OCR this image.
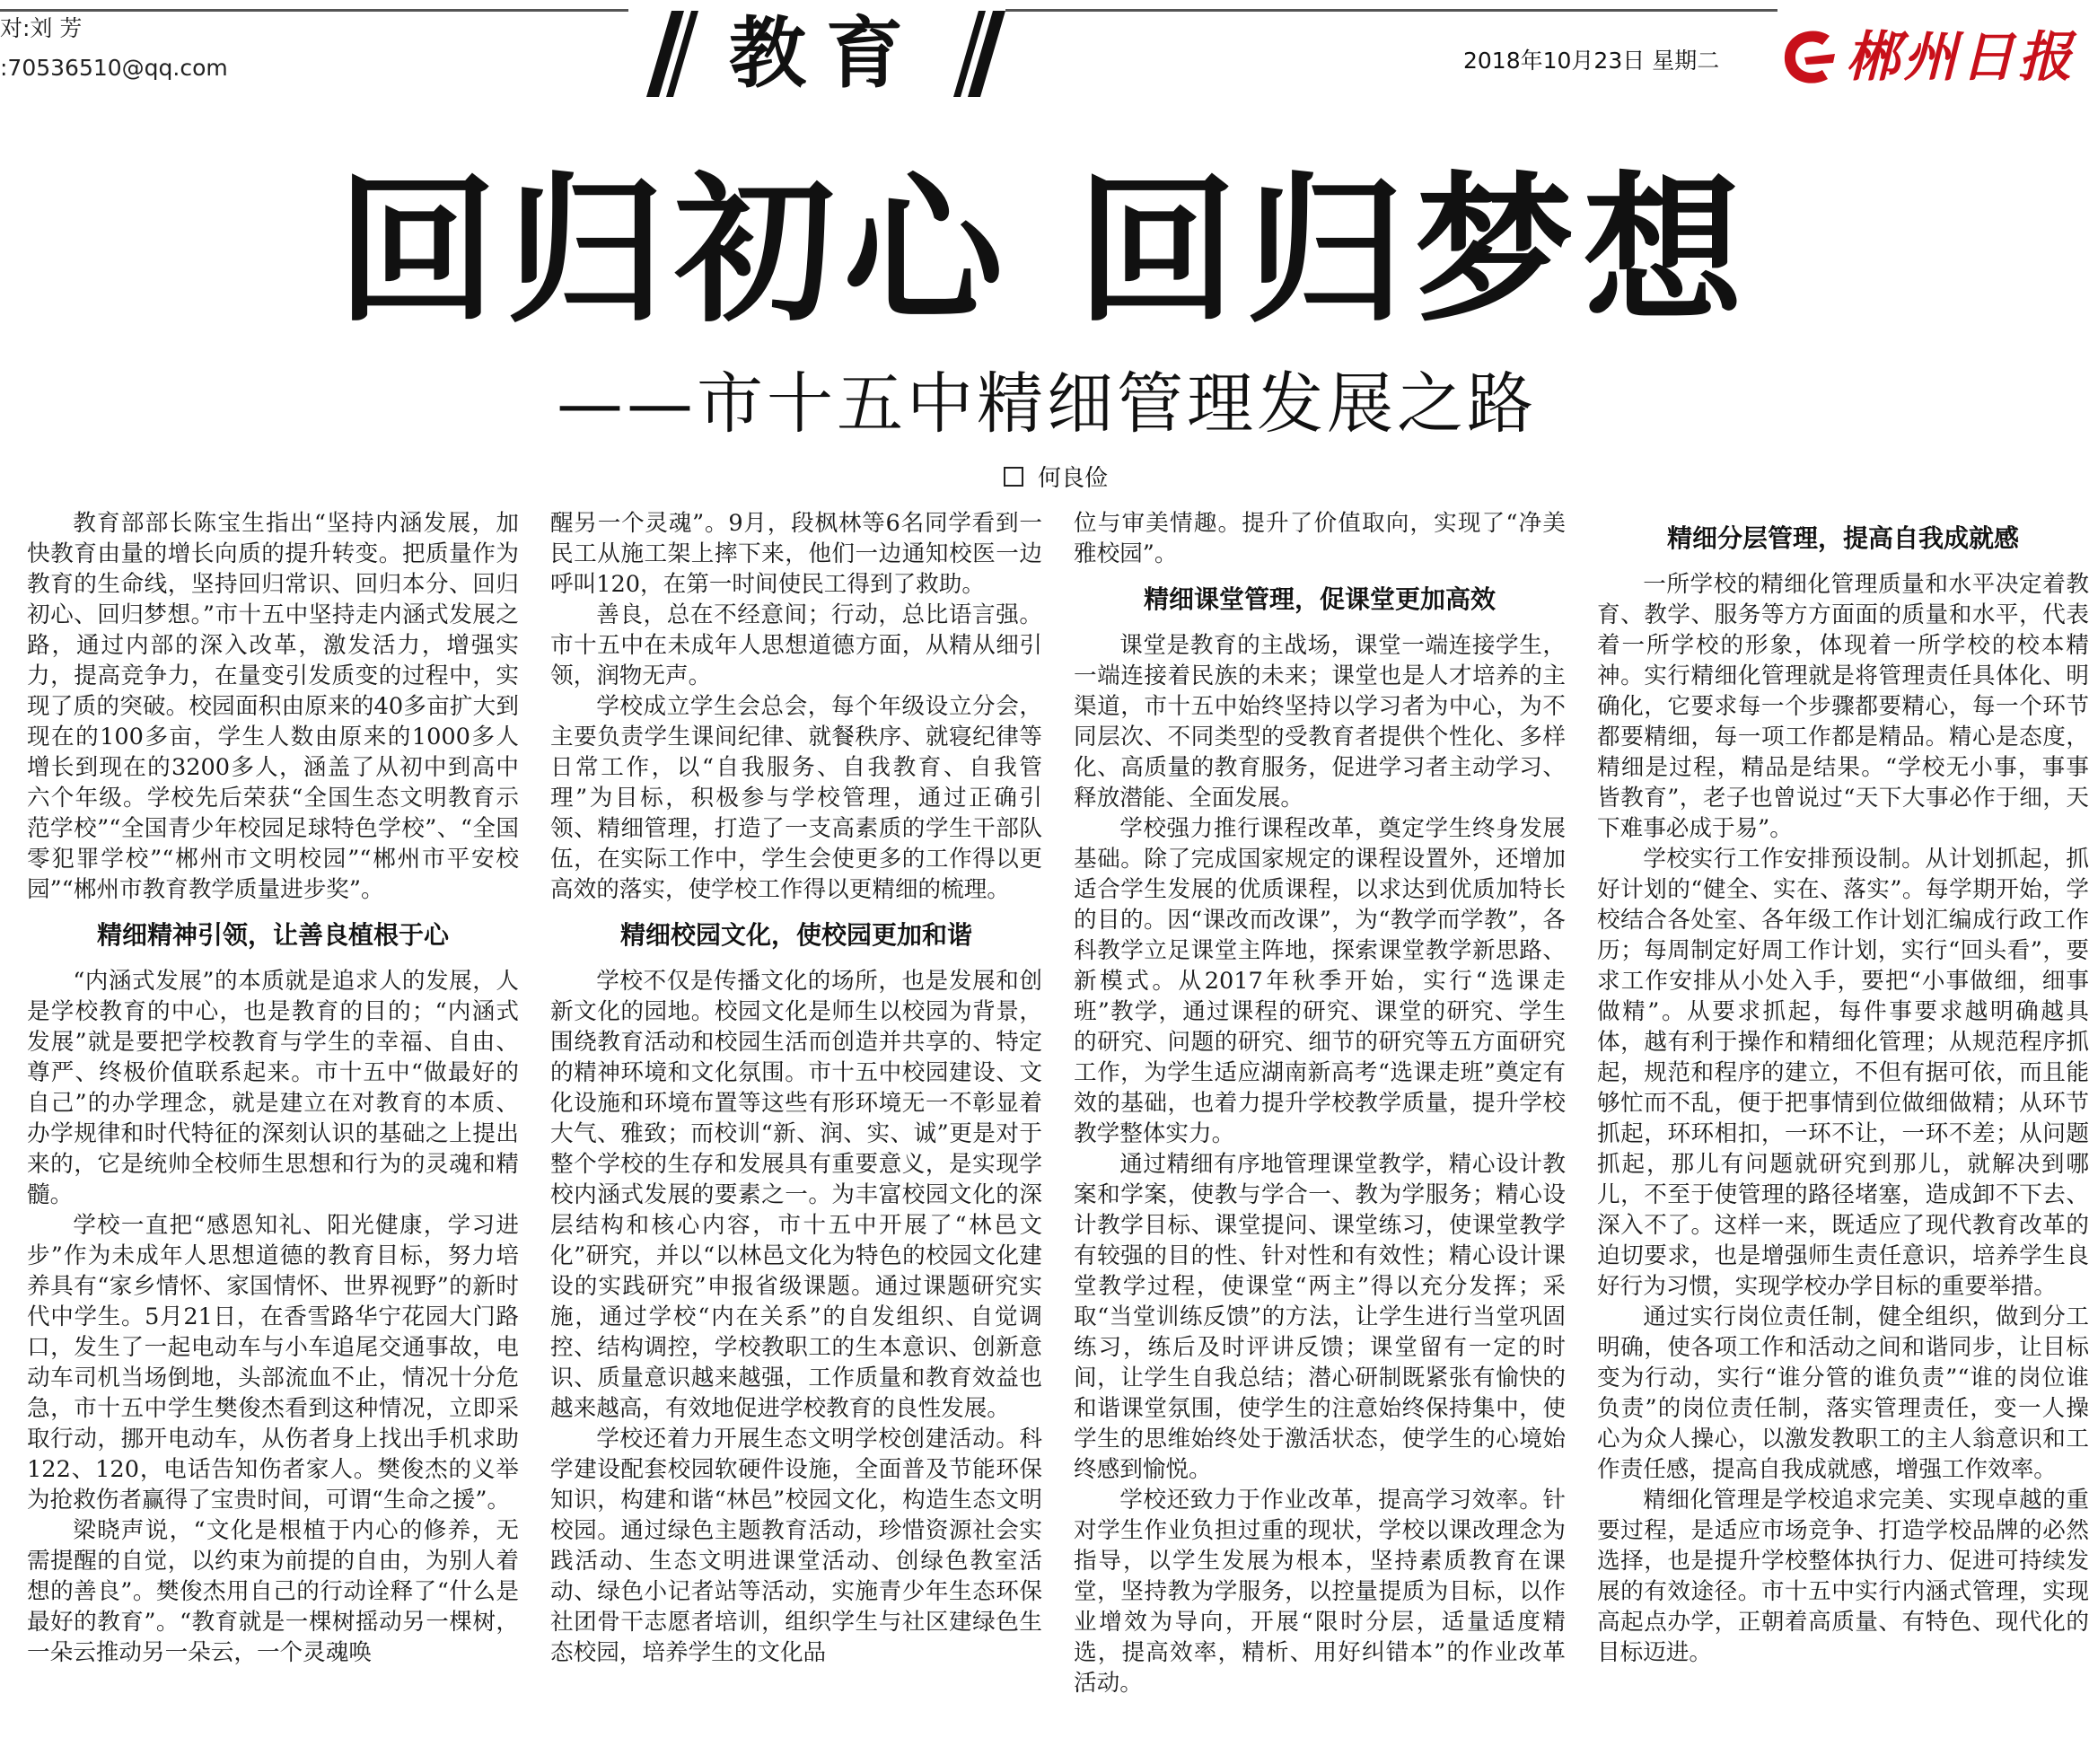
对:刘 芳
:70536510@qq.com	教育	2018年10月23日 星期二 郴州日报
回归初心 回归梦想
——市十五中精细管理发展之路
何良俭

教育部部长陈宝生指出“坚持内涵发展，加快教育由量的增长向质的提升转变。把质量作为教育的生命线，坚持回归常识、回归本分、回归初心、回归梦想。”市十五中坚持走内涵式发展之路，通过内部的深入改革，激发活力，增强实力，提高竞争力，在量变引发质变的过程中，实现了质的突破。校园面积由原来的40多亩扩大到现在的100多亩，学生人数由原来的1000多人增长到现在的3200多人，涵盖了从初中到高中六个年级。学校先后荣获“全国生态文明教育示范学校”“全国青少年校园足球特色学校”、“全国零犯罪学校”“郴州市文明校园”“郴州市平安校园”“郴州市教育教学质量进步奖”。

精细精神引领，让善良植根于心

“内涵式发展”的本质就是追求人的发展，人是学校教育的中心，也是教育的目的；“内涵式发展”就是要把学校教育与学生的幸福、自由、尊严、终极价值联系起来。市十五中“做最好的自己”的办学理念，就是建立在对教育的本质、办学规律和时代特征的深刻认识的基础之上提出来的，它是统帅全校师生思想和行为的灵魂和精髓。

学校一直把“感恩知礼、阳光健康，学习进步”作为未成年人思想道德的教育目标，努力培养具有“家乡情怀、家国情怀、世界视野”的新时代中学生。5月21日，在香雪路华宁花园大门路口，发生了一起电动车与小车追尾交通事故，电动车司机当场倒地，头部流血不止，情况十分危急，市十五中学生樊俊杰看到这种情况，立即采取行动，挪开电动车，从伤者身上找出手机求助122、120，电话告知伤者家人。樊俊杰的义举为抢救伤者赢得了宝贵时间，可谓“生命之援”。

梁晓声说，“文化是根植于内心的修养，无需提醒的自觉，以约束为前提的自由，为别人着想的善良”。樊俊杰用自己的行动诠释了“什么是最好的教育”。“教育就是一棵树摇动另一棵树，一朵云推动另一朵云，一个灵魂唤

醒另一个灵魂”。9月，段枫林等6名同学看到一民工从施工架上摔下来，他们一边通知校医一边呼叫120，在第一时间使民工得到了救助。

善良，总在不经意间；行动，总比语言强。市十五中在未成年人思想道德方面，从精从细引领，润物无声。

学校成立学生会总会，每个年级设立分会，主要负责学生课间纪律、就餐秩序、就寝纪律等日常工作，以“自我服务、自我教育、自我管理”为目标，积极参与学校管理，通过正确引领、精细管理，打造了一支高素质的学生干部队伍，在实际工作中，学生会使更多的工作得以更高效的落实，使学校工作得以更精细的梳理。

精细校园文化，使校园更加和谐

学校不仅是传播文化的场所，也是发展和创新文化的园地。校园文化是师生以校园为背景，围绕教育活动和校园生活而创造并共享的、特定的精神环境和文化氛围。市十五中校园建设、文化设施和环境布置等这些有形环境无一不彰显着大气、雅致；而校训“新、润、实、诚”更是对于整个学校的生存和发展具有重要意义，是实现学校内涵式发展的要素之一。为丰富校园文化的深层结构和核心内容，市十五中开展了“林邑文化”研究，并以“以林邑文化为特色的校园文化建设的实践研究”申报省级课题。通过课题研究实施，通过学校“内在关系”的自发组织、自觉调控、结构调控，学校教职工的生本意识、创新意识、质量意识越来越强，工作质量和教育效益也越来越高，有效地促进学校教育的良性发展。

学校还着力开展生态文明学校创建活动。科学建设配套校园软硬件设施，全面普及节能环保知识，构建和谐“林邑”校园文化，构造生态文明校园。通过绿色主题教育活动，珍惜资源社会实践活动、生态文明进课堂活动、创绿色教室活动、绿色小记者站等活动，实施青少年生态环保社团骨干志愿者培训，组织学生与社区建绿色生态校园，培养学生的文化品

位与审美情趣。提升了价值取向，实现了“净美雅校园”。

精细课堂管理，促课堂更加高效

课堂是教育的主战场，课堂一端连接学生，一端连接着民族的未来；课堂也是人才培养的主渠道，市十五中始终坚持以学习者为中心，为不同层次、不同类型的受教育者提供个性化、多样化、高质量的教育服务，促进学习者主动学习、释放潜能、全面发展。

学校强力推行课程改革，奠定学生终身发展基础。除了完成国家规定的课程设置外，还增加适合学生发展的优质课程，以求达到优质加特长的目的。因“课改而改课”，为“教学而学教”，各科教学立足课堂主阵地，探索课堂教学新思路、新模式。从2017年秋季开始，实行“选课走班”教学，通过课程的研究、课堂的研究、学生的研究、问题的研究、细节的研究等五方面研究工作，为学生适应湖南新高考“选课走班”奠定有效的基础，也着力提升学校教学质量，提升学校教学整体实力。

通过精细有序地管理课堂教学，精心设计教案和学案，使教与学合一、教为学服务；精心设计教学目标、课堂提问、课堂练习，使课堂教学有较强的目的性、针对性和有效性；精心设计课堂教学过程，使课堂“两主”得以充分发挥；采取“当堂训练反馈”的方法，让学生进行当堂巩固练习，练后及时评讲反馈；课堂留有一定的时间，让学生自我总结；潜心研制既紧张有愉快的和谐课堂氛围，使学生的注意始终保持集中，使学生的思维始终处于激活状态，使学生的心境始终感到愉悦。

学校还致力于作业改革，提高学习效率。针对学生作业负担过重的现状，学校以课改理念为指导，以学生发展为根本，坚持素质教育在课堂，坚持教为学服务，以控量提质为目标，以作业增效为导向，开展“限时分层，适量适度精选，提高效率，精析、用好纠错本”的作业改革活动。

精细分层管理，提高自我成就感

一所学校的精细化管理质量和水平决定着教育、教学、服务等方方面面的质量和水平，代表着一所学校的形象，体现着一所学校的校本精神。实行精细化管理就是将管理责任具体化、明确化，它要求每一个步骤都要精心，每一个环节都要精细，每一项工作都是精品。精心是态度，精细是过程，精品是结果。“学校无小事，事事皆教育”，老子也曾说过“天下大事必作于细，天下难事必成于易”。

学校实行工作安排预设制。从计划抓起，抓好计划的“健全、实在、落实”。每学期开始，学校结合各处室、各年级工作计划汇编成行政工作历；每周制定好周工作计划，实行“回头看”，要求工作安排从小处入手，要把“小事做细，细事做精”。从要求抓起，每件事要求越明确越具体，越有利于操作和精细化管理；从规范程序抓起，规范和程序的建立，不但有据可依，而且能够忙而不乱，便于把事情到位做细做精；从环节抓起，环环相扣，一环不让，一环不差；从问题抓起，那儿有问题就研究到那儿，就解决到哪儿，不至于使管理的路径堵塞，造成卸不下去、深入不了。这样一来，既适应了现代教育改革的迫切要求，也是增强师生责任意识，培养学生良好行为习惯，实现学校办学目标的重要举措。

通过实行岗位责任制，健全组织，做到分工明确，使各项工作和活动之间和谐同步，让目标变为行动，实行“谁分管的谁负责”“谁的岗位谁负责”的岗位责任制，落实管理责任，变一人操心为众人操心，以激发教职工的主人翁意识和工作责任感，提高自我成就感，增强工作效率。

精细化管理是学校追求完美、实现卓越的重要过程，是适应市场竞争、打造学校品牌的必然选择，也是提升学校整体执行力、促进可持续发展的有效途径。市十五中实行内涵式管理，实现高起点办学，正朝着高质量、有特色、现代化的目标迈进。
